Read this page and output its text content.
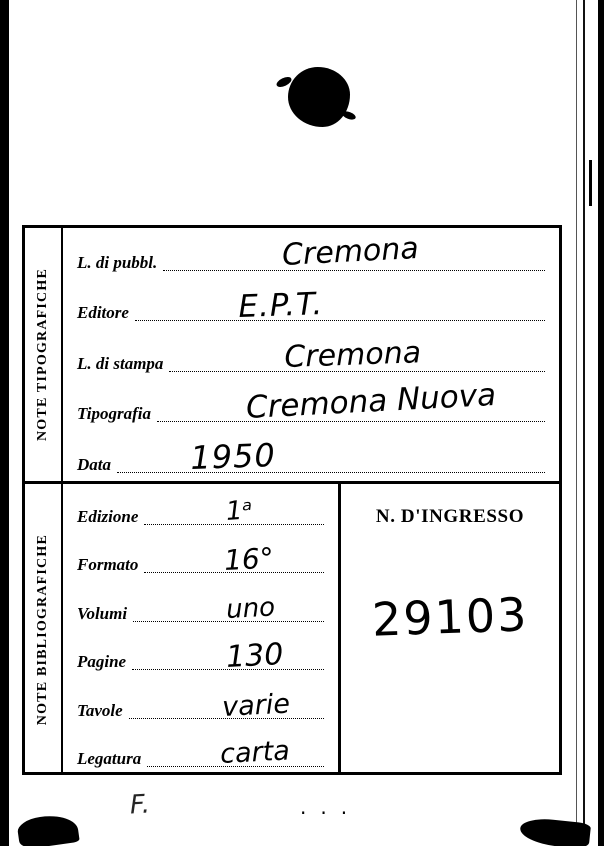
NOTE TIPOGRAFICHE
L. di pubbl.	Cremona
Editore	E.P.T.
L. di stampa	Cremona
Tipografia	Cremona Nuova
Data 1950
NOTE BIBLIOGRAFICHE
Edizione	1ᵃ
Formato	16°
Volumi	uno
Pagine	130
Tavole	varie
Legatura	carta
N. D'INGRESSO
29103
F.	...
